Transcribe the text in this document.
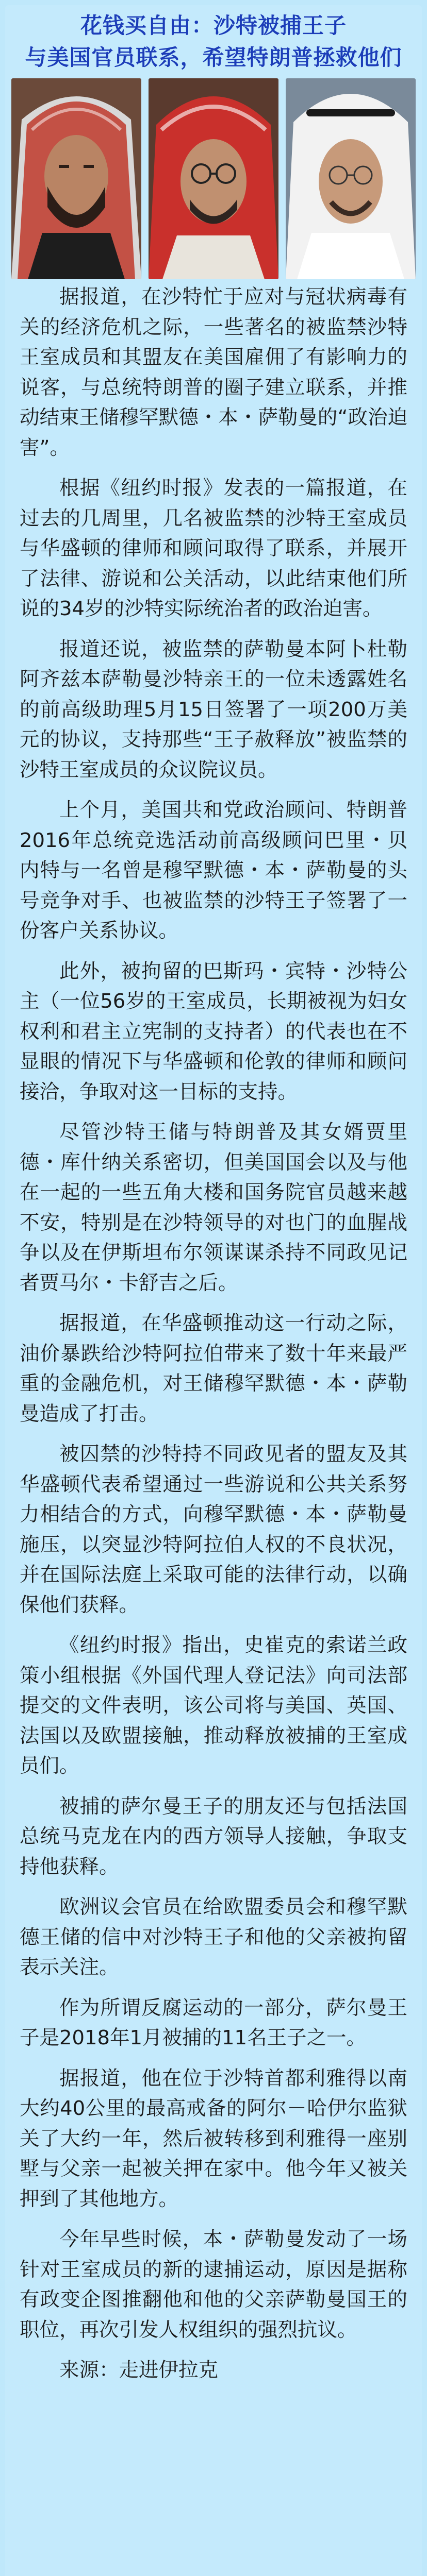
花钱买自由：沙特被捕王子
与美国官员联系，希望特朗普拯救他们

据报道，在沙特忙于应对与冠状病毒有关的经济危机之际，一些著名的被监禁沙特王室成员和其盟友在美国雇佣了有影响力的说客，与总统特朗普的圈子建立联系，并推动结束王储穆罕默德・本・萨勒曼的“政治迫害”。

根据《纽约时报》发表的一篇报道，在过去的几周里，几名被监禁的沙特王室成员与华盛顿的律师和顾问取得了联系，并展开了法律、游说和公关活动，以此结束他们所说的34岁的沙特实际统治者的政治迫害。

报道还说，被监禁的萨勒曼本阿卜杜勒阿齐兹本萨勒曼沙特亲王的一位未透露姓名的前高级助理5月15日签署了一项200万美元的协议，支持那些“王子赦释放”被监禁的沙特王室成员的众议院议员。

上个月，美国共和党政治顾问、特朗普2016年总统竞选活动前高级顾问巴里・贝内特与一名曾是穆罕默德・本・萨勒曼的头号竞争对手、也被监禁的沙特王子签署了一份客户关系协议。

此外，被拘留的巴斯玛・宾特・沙特公主（一位56岁的王室成员，长期被视为妇女权利和君主立宪制的支持者）的代表也在不显眼的情况下与华盛顿和伦敦的律师和顾问接洽，争取对这一目标的支持。

尽管沙特王储与特朗普及其女婿贾里德・库什纳关系密切，但美国国会以及与他在一起的一些五角大楼和国务院官员越来越不安，特别是在沙特领导的对也门的血腥战争以及在伊斯坦布尔领谋谋杀持不同政见记者贾马尔・卡舒吉之后。

据报道，在华盛顿推动这一行动之际，油价暴跌给沙特阿拉伯带来了数十年来最严重的金融危机，对王储穆罕默德・本・萨勒曼造成了打击。

被囚禁的沙特持不同政见者的盟友及其华盛顿代表希望通过一些游说和公共关系努力相结合的方式，向穆罕默德・本・萨勒曼施压，以突显沙特阿拉伯人权的不良状况，并在国际法庭上采取可能的法律行动，以确保他们获释。

《纽约时报》指出，史崔克的索诺兰政策小组根据《外国代理人登记法》向司法部提交的文件表明，该公司将与美国、英国、法国以及欧盟接触，推动释放被捕的王室成员们。

被捕的萨尔曼王子的朋友还与包括法国总统马克龙在内的西方领导人接触，争取支持他获释。

欧洲议会官员在给欧盟委员会和穆罕默德王储的信中对沙特王子和他的父亲被拘留表示关注。

作为所谓反腐运动的一部分，萨尔曼王子是2018年1月被捕的11名王子之一。

据报道，他在位于沙特首都利雅得以南大约40公里的最高戒备的阿尔－哈伊尔监狱关了大约一年，然后被转移到利雅得一座别墅与父亲一起被关押在家中。他今年又被关押到了其他地方。

今年早些时候，本・萨勒曼发动了一场针对王室成员的新的逮捕运动，原因是据称有政变企图推翻他和他的父亲萨勒曼国王的职位，再次引发人权组织的强烈抗议。

来源：走进伊拉克
